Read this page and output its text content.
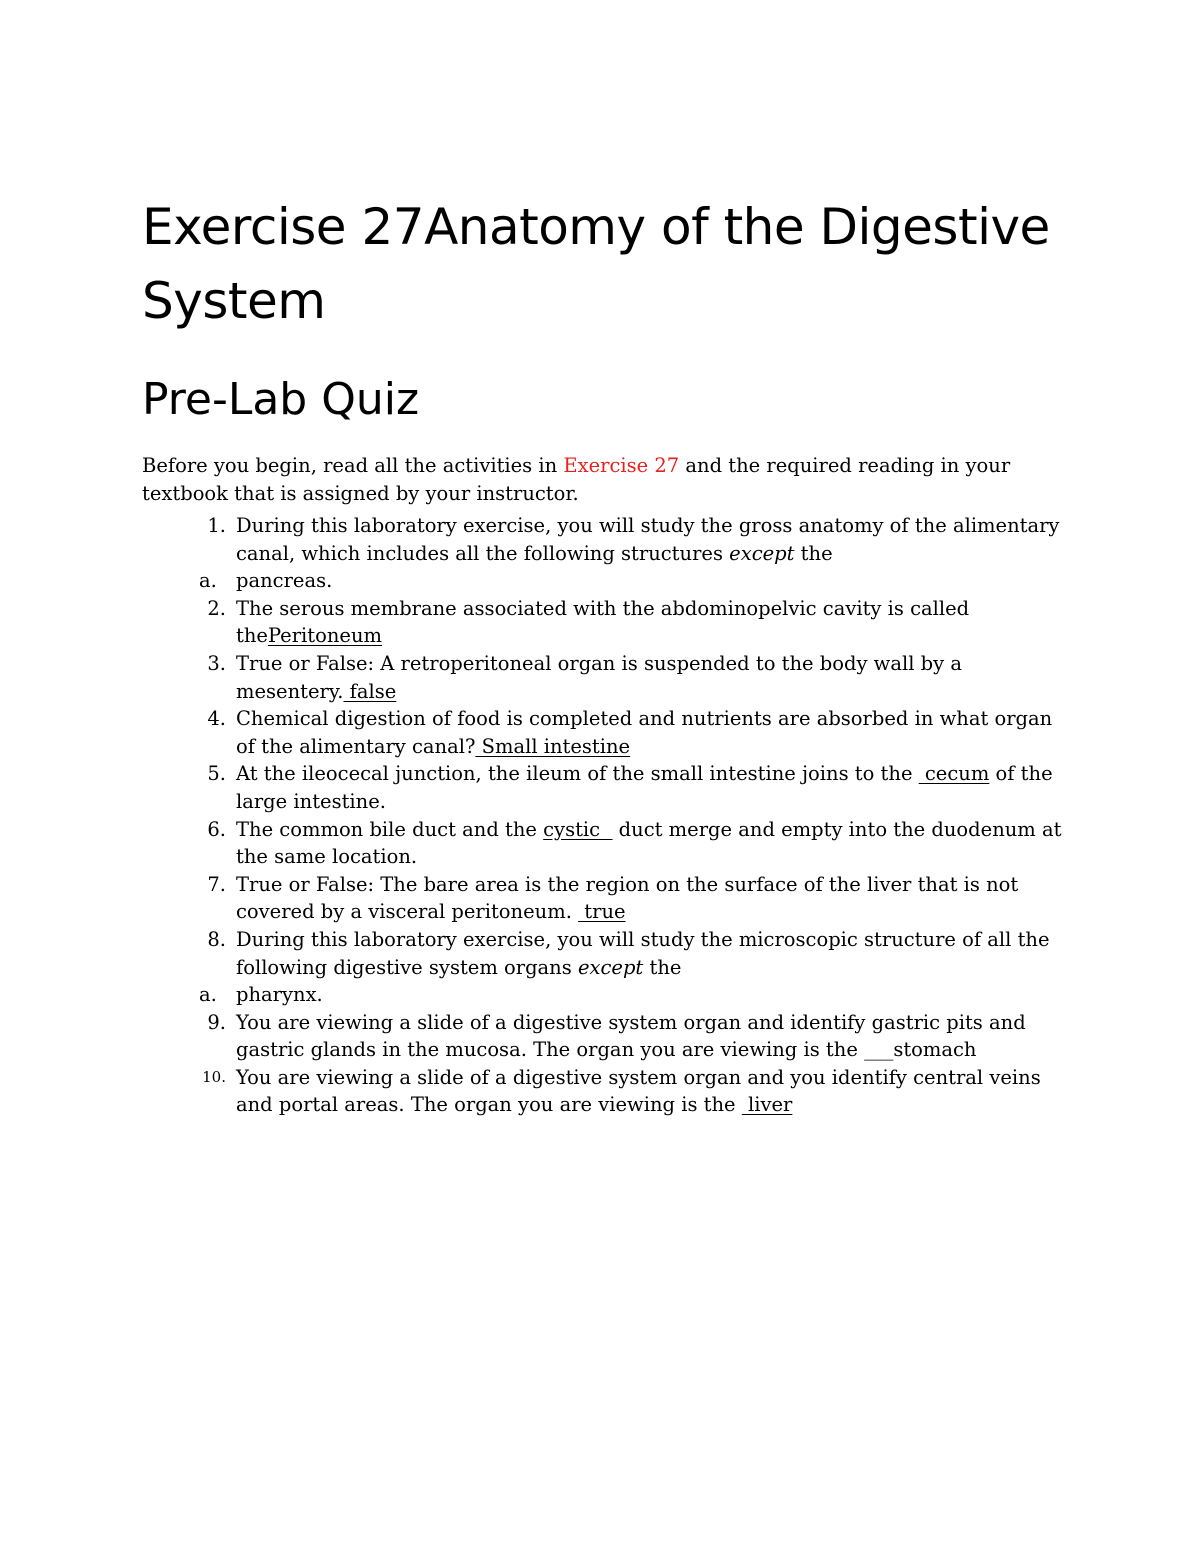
Exercise 27Anatomy of the Digestive System
Pre-Lab Quiz

Before you begin, read all the activities in Exercise 27 and the required reading in your textbook that is assigned by your instructor.

1. During this laboratory exercise, you will study the gross anatomy of the alimentary canal, which includes all the following structures except the
a. pancreas.
2. The serous membrane associated with the abdominopelvic cavity is called thePeritoneum
3. True or False: A retroperitoneal organ is suspended to the body wall by a mesentery. false
4. Chemical digestion of food is completed and nutrients are absorbed in what organ of the alimentary canal? Small intestine
5. At the ileocecal junction, the ileum of the small intestine joins to the  cecum of the large intestine.
6. The common bile duct and the cystic   duct merge and empty into the duodenum at the same location.
7. True or False: The bare area is the region on the surface of the liver that is not covered by a visceral peritoneum.  true
8. During this laboratory exercise, you will study the microscopic structure of all the following digestive system organs except the
a. pharynx.
9. You are viewing a slide of a digestive system organ and identify gastric pits and gastric glands in the mucosa. The organ you are viewing is the ___stomach
10. You are viewing a slide of a digestive system organ and you identify central veins and portal areas. The organ you are viewing is the  liver
